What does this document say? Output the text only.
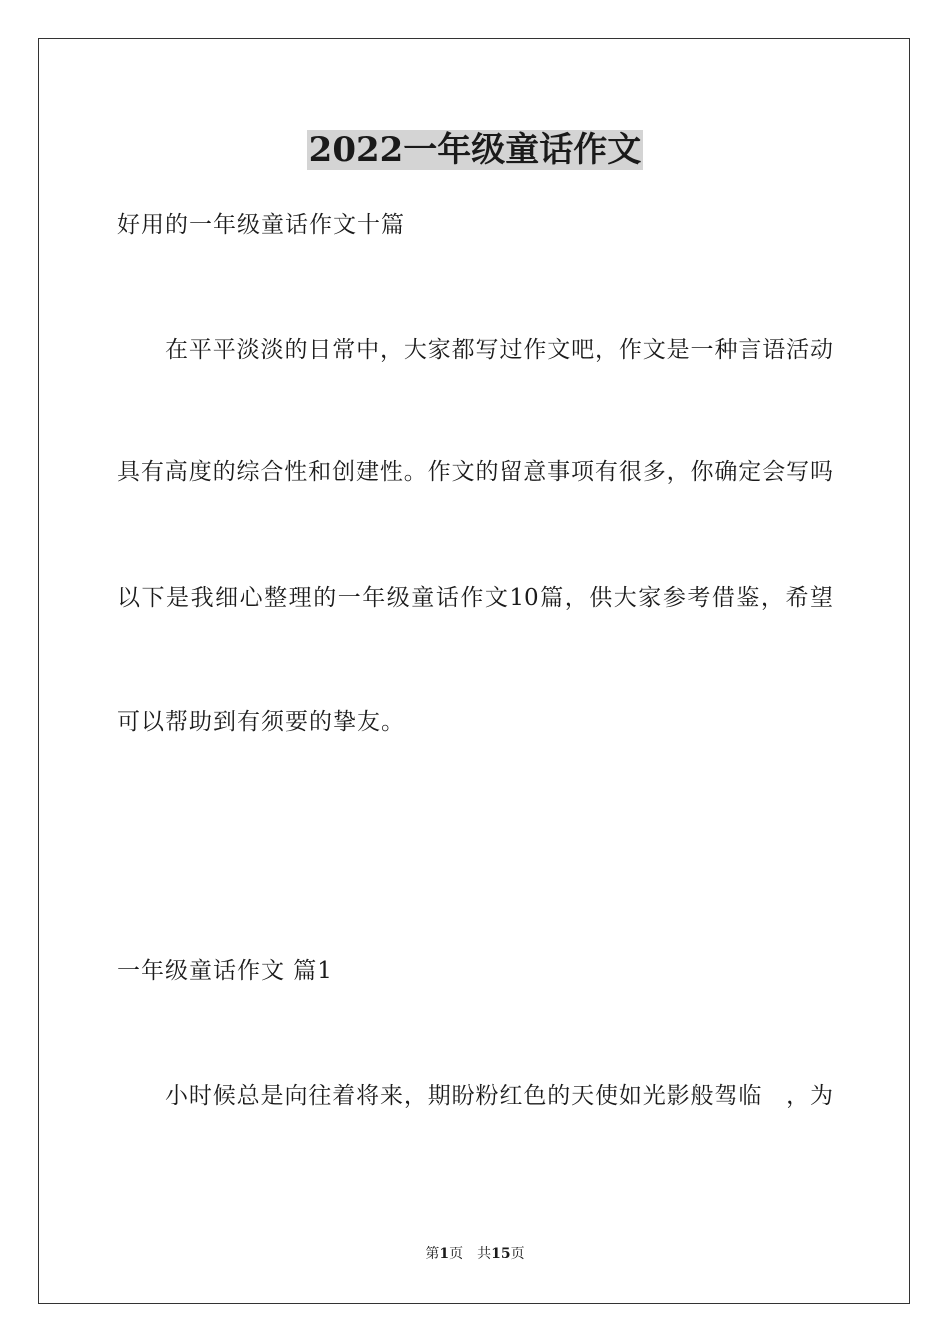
2022一年级童话作文
好用的一年级童话作文十篇
在平平淡淡的日常中，大家都写过作文吧，作文是一种言语活动
具有高度的综合性和创建性。作文的留意事项有很多，你确定会写吗
以下是我细心整理的一年级童话作文10篇，供大家参考借鉴，希望
可以帮助到有须要的挚友。
一年级童话作文 篇1
小时候总是向往着将来，期盼粉红色的天使如光影般驾临　，为
第1页 共15页
